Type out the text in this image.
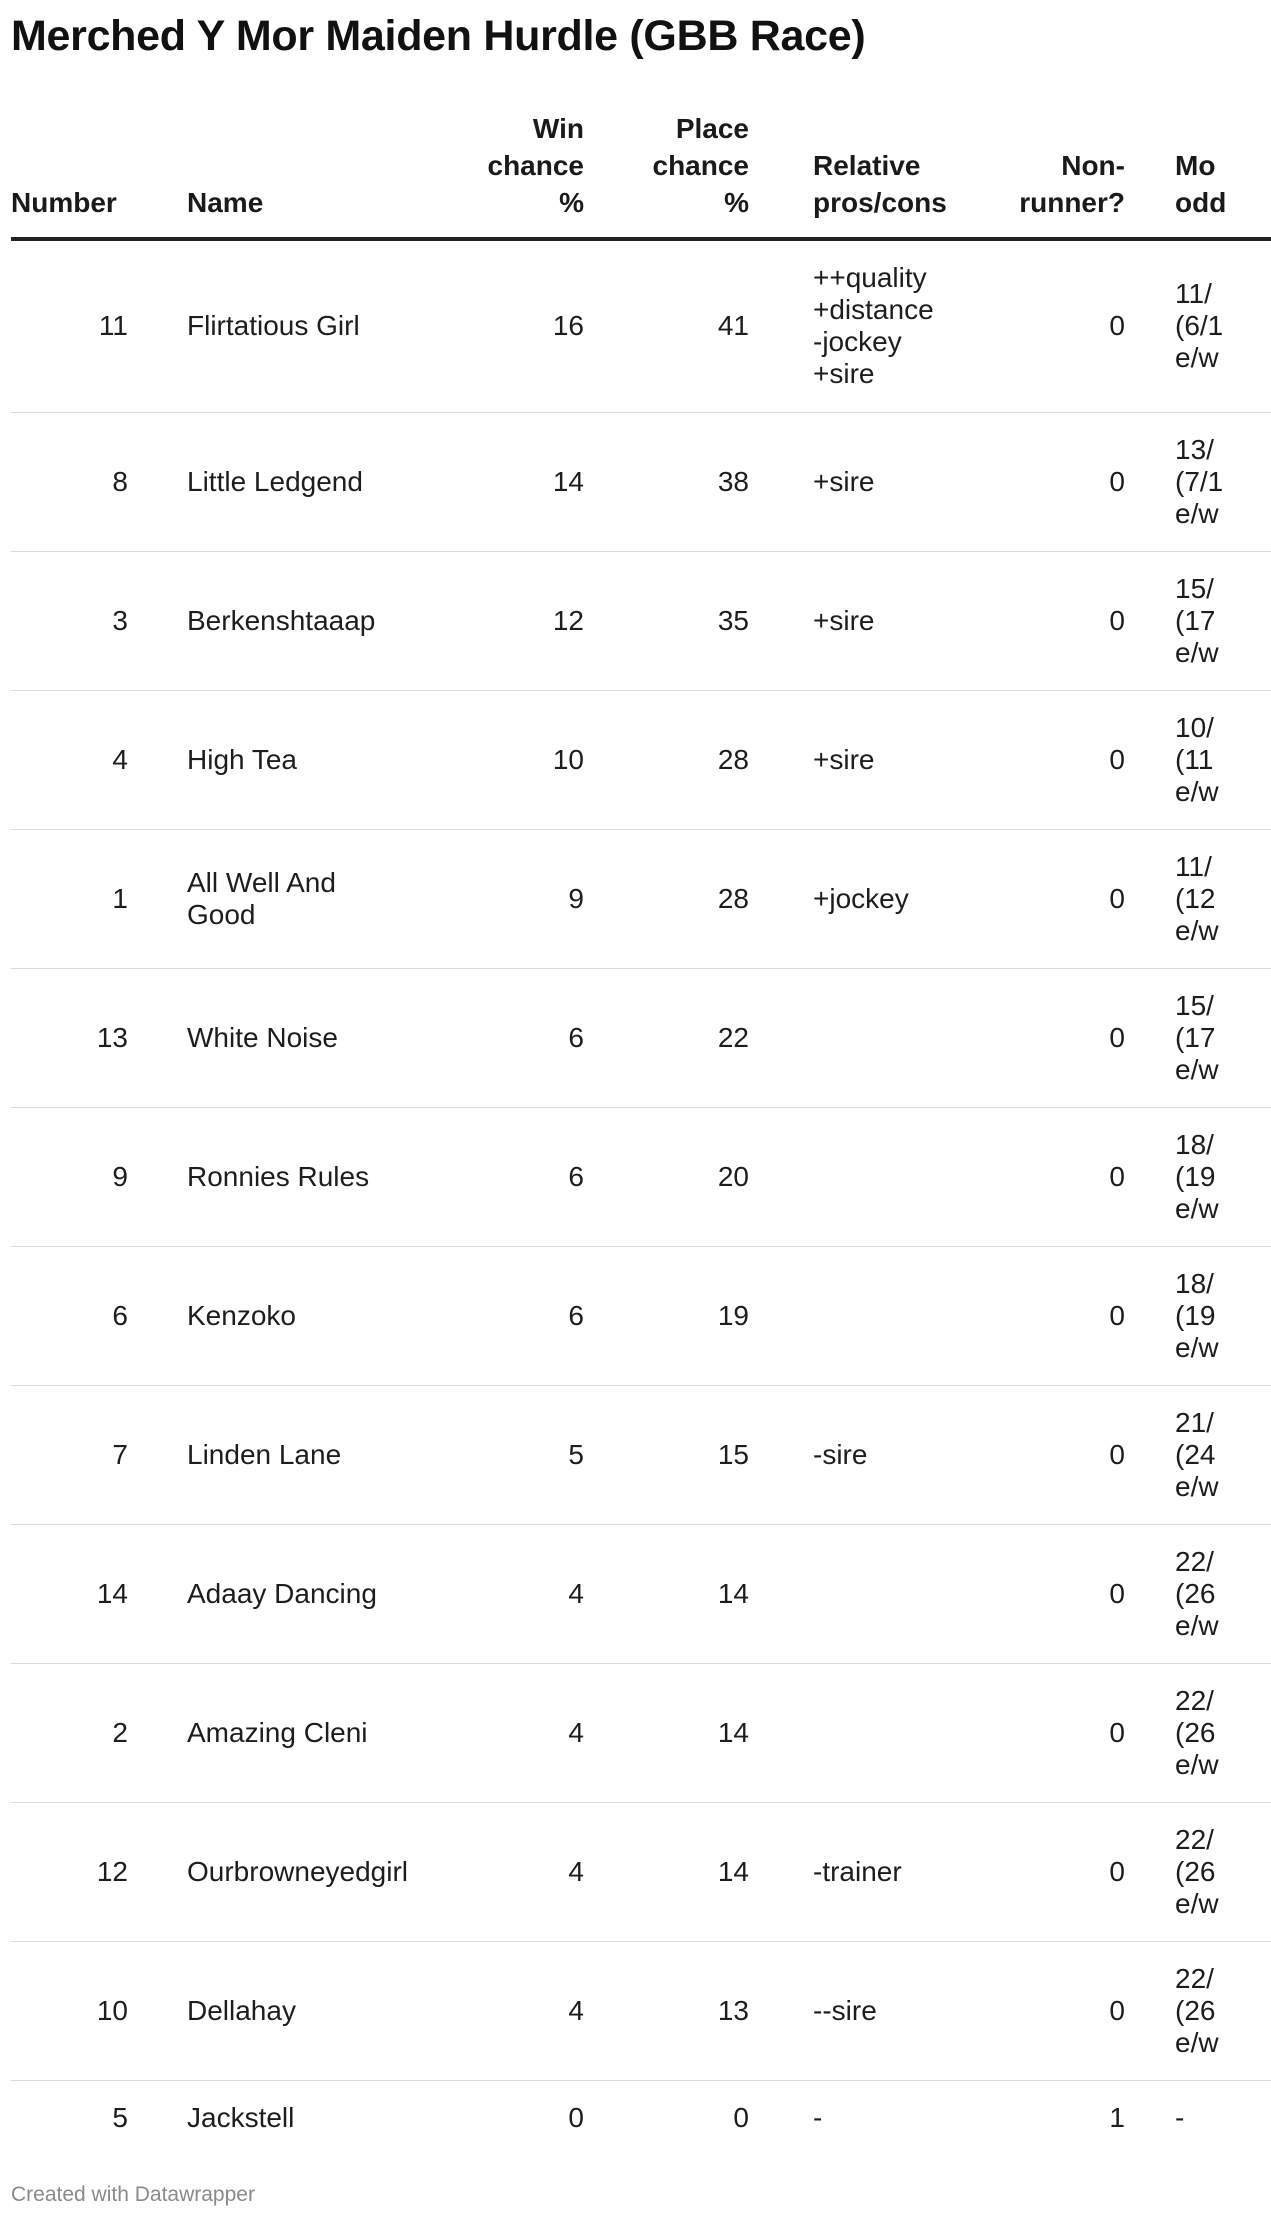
Merched Y Mor Maiden Hurdle (GBB Race)
Number		Name	Win
chance
%	Place
chance
%		Relative
pros/cons	Non-
runner?	Mo
odd
11		Flirtatious Girl	16	41		++quality
+distance
-jockey
+sire	0	11/
(6/1
e/w

8		Little Ledgend	14	38		+sire	0	13/
(7/1
e/w

3		Berkenshtaaap	12	35		+sire	0	15/
(17
e/w

4		High Tea	10	28		+sire	0	10/
(11
e/w

1		All Well And
Good	9	28		+jockey	0	11/
(12
e/w

13		White Noise	6	22			0	15/
(17
e/w

9		Ronnies Rules	6	20			0	18/
(19
e/w

6		Kenzoko	6	19			0	18/
(19
e/w

7		Linden Lane	5	15		-sire	0	21/
(24
e/w

14		Adaay Dancing	4	14			0	22/
(26
e/w

2		Amazing Cleni	4	14			0	22/
(26
e/w

12		Ourbrowneyedgirl	4	14		-trainer	0	22/
(26
e/w

10		Dellahay	4	13		--sire	0	22/
(26
e/w

5		Jackstell	0	0		-	1	-
Created with Datawrapper
